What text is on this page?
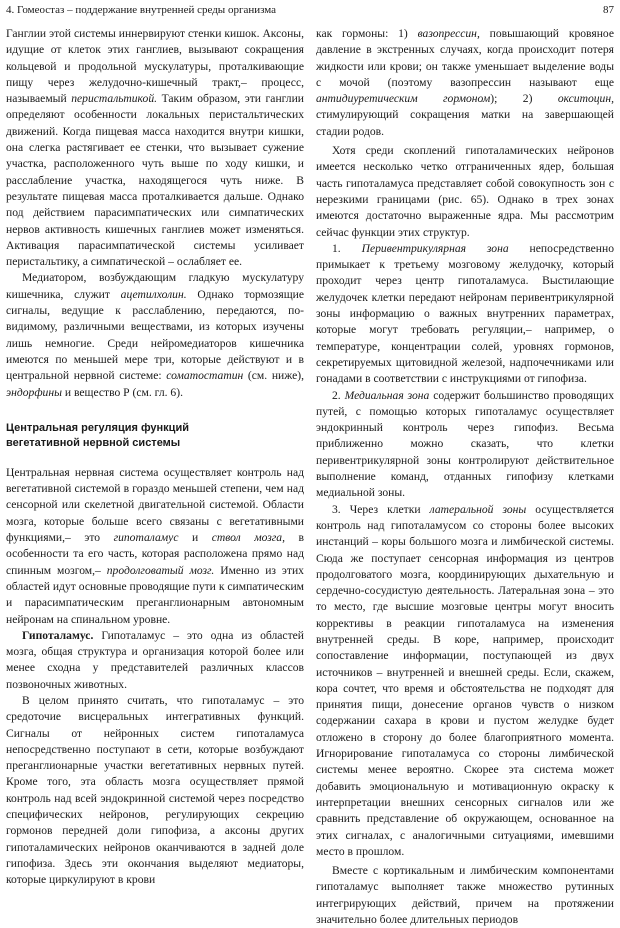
4. Гомеостаз – поддержание внутренней среды организма	87

Ганглии этой системы иннервируют стенки кишок. Аксоны, идущие от клеток этих ганглиев, вызывают сокращения кольцевой и продольной мускулатуры, проталкивающие пищу через желудочно-кишечный тракт,– процесс, называемый перистальтикой. Таким образом, эти ганглии определяют особенности локальных перистальтических движений. Когда пищевая масса находится внутри кишки, она слегка растягивает ее стенки, что вызывает сужение участка, расположенного чуть выше по ходу кишки, и расслабление участка, находящегося чуть ниже. В результате пищевая масса проталкивается дальше. Однако под действием парасимпатических или симпатических нервов активность кишечных ганглиев может изменяться. Активация парасимпатической системы усиливает перистальтику, а симпатической – ослабляет ее.

Медиатором, возбуждающим гладкую мускулатуру кишечника, служит ацетилхолин. Однако тормозящие сигналы, ведущие к расслаблению, передаются, по-видимому, различными веществами, из которых изучены лишь немногие. Среди нейромедиаторов кишечника имеются по меньшей мере три, которые действуют и в центральной нервной системе: соматостатин (см. ниже), эндорфины и вещество Р (см. гл. 6).

Центральная регуляция функций
вегетативной нервной системы

Центральная нервная система осуществляет контроль над вегетативной системой в гораздо меньшей степени, чем над сенсорной или скелетной двигательной системой. Области мозга, которые больше всего связаны с вегетативными функциями,– это гипоталамус и ствол мозга, в особенности та его часть, которая расположена прямо над спинным мозгом,– продолговатый мозг. Именно из этих областей идут основные проводящие пути к симпатическим и парасимпатическим преганглионарным автономным нейронам на спинальном уровне.

Гипоталамус. Гипоталамус – это одна из областей мозга, общая структура и организация которой более или менее сходна у представителей различных классов позвоночных животных.

В целом принято считать, что гипоталамус – это средоточие висцеральных интегративных функций. Сигналы от нейронных систем гипоталамуса непосредственно поступают в сети, которые возбуждают преганглионарные участки вегетативных нервных путей. Кроме того, эта область мозга осуществляет прямой контроль над всей эндокринной системой через посредство специфических нейронов, регулирующих секрецию гормонов передней доли гипофиза, а аксоны других гипоталамических нейронов оканчиваются в задней доле гипофиза. Здесь эти окончания выделяют медиаторы, которые циркулируют в крови

как гормоны: 1) вазопрессин, повышающий кровяное давление в экстренных случаях, когда происходит потеря жидкости или крови; он также уменьшает выделение воды с мочой (поэтому вазопрессин называют еще антидиуретическим гормоном); 2) окситоцин, стимулирующий сокращения матки на завершающей стадии родов.

Хотя среди скоплений гипоталамических нейронов имеется несколько четко отграниченных ядер, большая часть гипоталамуса представляет собой совокупность зон с нерезкими границами (рис. 65). Однако в трех зонах имеются достаточно выраженные ядра. Мы рассмотрим сейчас функции этих структур.

1. Перивентрикулярная зона непосредственно примыкает к третьему мозговому желудочку, который проходит через центр гипоталамуса. Выстилающие желудочек клетки передают нейронам перивентрикулярной зоны информацию о важных внутренних параметрах, которые могут требовать регуляции,– например, о температуре, концентрации солей, уровнях гормонов, секретируемых щитовидной железой, надпочечниками или гонадами в соответствии с инструкциями от гипофиза.

2. Медиальная зона содержит большинство проводящих путей, с помощью которых гипоталамус осуществляет эндокринный контроль через гипофиз. Весьма приближенно можно сказать, что клетки перивентрикулярной зоны контролируют действительное выполнение команд, отданных гипофизу клетками медиальной зоны.

3. Через клетки латеральной зоны осуществляется контроль над гипоталамусом со стороны более высоких инстанций – коры большого мозга и лимбической системы. Сюда же поступает сенсорная информация из центров продолговатого мозга, координирующих дыхательную и сердечно-сосудистую деятельность. Латеральная зона – это то место, где высшие мозговые центры могут вносить коррективы в реакции гипоталамуса на изменения внутренней среды. В коре, например, происходит сопоставление информации, поступающей из двух источников – внутренней и внешней среды. Если, скажем, кора сочтет, что время и обстоятельства не подходят для принятия пищи, донесение органов чувств о низком содержании сахара в крови и пустом желудке будет отложено в сторону до более благоприятного момента. Игнорирование гипоталамуса со стороны лимбической системы менее вероятно. Скорее эта система может добавить эмоциональную и мотивационную окраску к интерпретации внешних сенсорных сигналов или же сравнить представление об окружающем, основанное на этих сигналах, с аналогичными ситуациями, имевшими место в прошлом.

Вместе с кортикальным и лимбическим компонентами гипоталамус выполняет также множество рутинных интегрирующих действий, причем на протяжении значительно более длительных периодов
